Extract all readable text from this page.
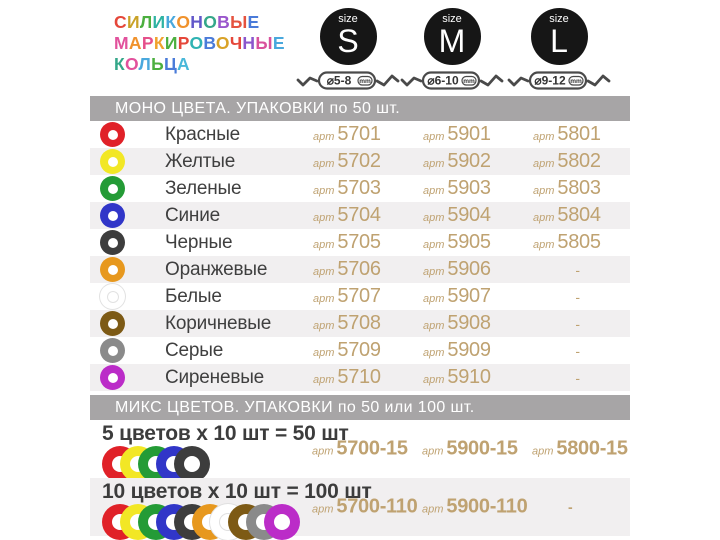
СИЛИКОНОВЫЕ
МАРКИРОВОЧНЫЕ
КОЛЬЦА
size
S
⌀5-8 mm
size
M
⌀6-10 mm
size
L
⌀9-12 mm
МОНО ЦВЕТА. УПАКОВКИ по 50 шт.
Красные	арт 5701	арт 5901	арт 5801
Желтые	арт 5702	арт 5902	арт 5802
Зеленые	арт 5703	арт 5903	арт 5803
Синие	арт 5704	арт 5904	арт 5804
Черные	арт 5705	арт 5905	арт 5805
Оранжевые	арт 5706	арт 5906	-
Белые	арт 5707	арт 5907	-
Коричневые	арт 5708	арт 5908	-
Серые	арт 5709	арт 5909	-
Сиреневые	арт 5710	арт 5910	-
МИКС ЦВЕТОВ. УПАКОВКИ по 50 или 100 шт.
5 цветов x 10 шт = 50 шт
арт 5700-15 арт 5900-15 арт 5800-15
10 цветов x 10 шт = 100 шт
арт 5700-110 арт 5900-110	-
